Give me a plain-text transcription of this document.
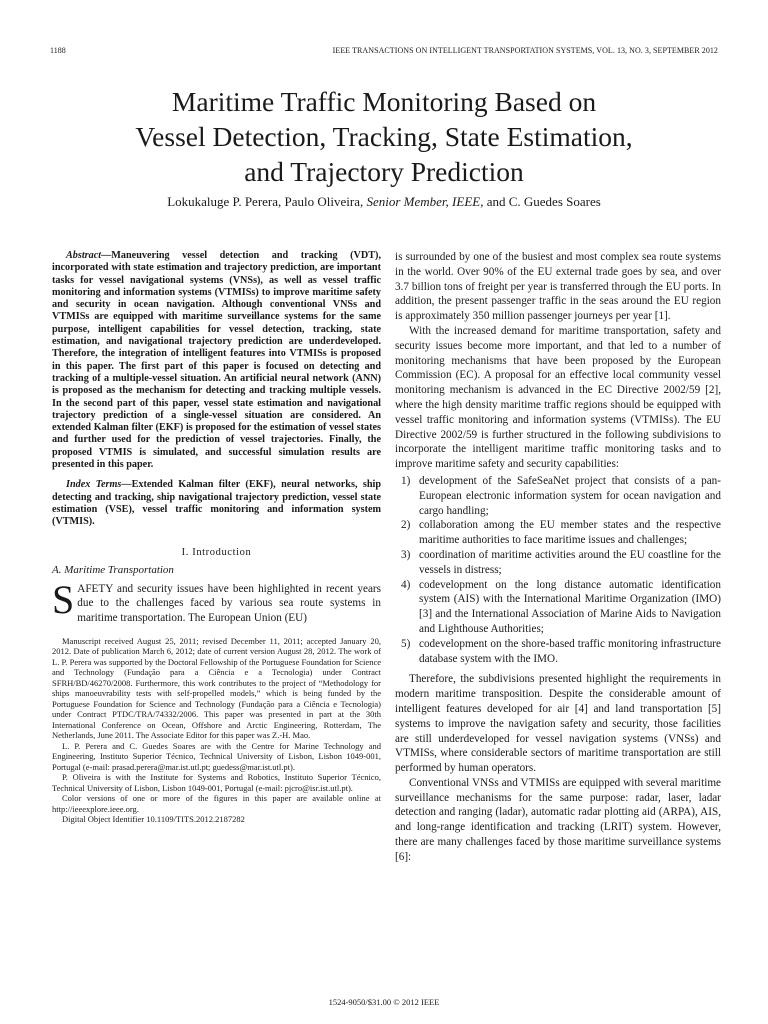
1188	IEEE TRANSACTIONS ON INTELLIGENT TRANSPORTATION SYSTEMS, VOL. 13, NO. 3, SEPTEMBER 2012
Maritime Traffic Monitoring Based on
Vessel Detection, Tracking, State Estimation,
and Trajectory Prediction
Lokukaluge P. Perera, Paulo Oliveira, Senior Member, IEEE, and C. Guedes Soares

Abstract—Maneuvering vessel detection and tracking (VDT), incorporated with state estimation and trajectory prediction, are important tasks for vessel navigational systems (VNSs), as well as vessel traffic monitoring and information systems (VTMISs) to improve maritime safety and security in ocean navigation. Although conventional VNSs and VTMISs are equipped with maritime surveillance systems for the same purpose, intelligent capabilities for vessel detection, tracking, state estimation, and navigational trajectory prediction are underdeveloped. Therefore, the integration of intelligent features into VTMISs is proposed in this paper. The first part of this paper is focused on detecting and tracking of a multiple-vessel situation. An artificial neural network (ANN) is proposed as the mechanism for detecting and tracking multiple vessels. In the second part of this paper, vessel state estimation and navigational trajectory prediction of a single-vessel situation are considered. An extended Kalman filter (EKF) is proposed for the estimation of vessel states and further used for the prediction of vessel trajectories. Finally, the proposed VTMIS is simulated, and successful simulation results are presented in this paper.

Index Terms—Extended Kalman filter (EKF), neural networks, ship detecting and tracking, ship navigational trajectory prediction, vessel state estimation (VSE), vessel traffic monitoring and information system (VTMIS).

I. Introduction
A. Maritime Transportation

SAFETY and security issues have been highlighted in recent years due to the challenges faced by various sea route systems in maritime transportation. The European Union (EU)

Manuscript received August 25, 2011; revised December 11, 2011; accepted January 20, 2012. Date of publication March 6, 2012; date of current version August 28, 2012. The work of L. P. Perera was supported by the Doctoral Fellowship of the Portuguese Foundation for Science and Technology (Fundação para a Ciência e a Tecnologia) under Contract SFRH/BD/46270/2008. Furthermore, this work contributes to the project of “Methodology for ships manoeuvrability tests with self-propelled models,” which is being funded by the Portuguese Foundation for Science and Technology (Fundação para a Ciência e Tecnologia) under Contract PTDC/TRA/74332/2006. This paper was presented in part at the 30th International Conference on Ocean, Offshore and Arctic Engineering, Rotterdam, The Netherlands, June 2011. The Associate Editor for this paper was Z.-H. Mao.

L. P. Perera and C. Guedes Soares are with the Centre for Marine Technology and Engineering, Instituto Superior Técnico, Technical University of Lisbon, Lisbon 1049-001, Portugal (e-mail: prasad.perera@mar.ist.utl.pt; guedess@mar.ist.utl.pt).

P. Oliveira is with the Institute for Systems and Robotics, Instituto Superior Técnico, Technical University of Lisbon, Lisbon 1049-001, Portugal (e-mail: pjcro@isr.ist.utl.pt).

Color versions of one or more of the figures in this paper are available online at http://ieeexplore.ieee.org.

Digital Object Identifier 10.1109/TITS.2012.2187282

is surrounded by one of the busiest and most complex sea route systems in the world. Over 90% of the EU external trade goes by sea, and over 3.7 billion tons of freight per year is transferred through the EU ports. In addition, the present passenger traffic in the seas around the EU region is approximately 350 million passenger journeys per year [1].

With the increased demand for maritime transportation, safety and security issues become more important, and that led to a number of monitoring mechanisms that have been proposed by the European Commission (EC). A proposal for an effective local community vessel monitoring mechanism is advanced in the EC Directive 2002/59 [2], where the high density maritime traffic regions should be equipped with vessel traffic monitoring and information systems (VTMISs). The EU Directive 2002/59 is further structured in the following subdivisions to incorporate the intelligent maritime traffic monitoring tasks and to improve maritime safety and security capabilities:

1) development of the SafeSeaNet project that consists of a pan-European electronic information system for ocean navigation and cargo handling;
2) collaboration among the EU member states and the respective maritime authorities to face maritime issues and challenges;
3) coordination of maritime activities around the EU coastline for the vessels in distress;
4) codevelopment on the long distance automatic identification system (AIS) with the International Maritime Organization (IMO) [3] and the International Association of Marine Aids to Navigation and Lighthouse Authorities;
5) codevelopment on the shore-based traffic monitoring infrastructure database system with the IMO.

Therefore, the subdivisions presented highlight the requirements in modern maritime transposition. Despite the considerable amount of intelligent features developed for air [4] and land transportation [5] systems to improve the navigation safety and security, those facilities are still underdeveloped for vessel navigation systems (VNSs) and VTMISs, where considerable sectors of maritime transportation are still performed by human operators.

Conventional VNSs and VTMISs are equipped with several maritime surveillance mechanisms for the same purpose: radar, laser, ladar detection and ranging (ladar), automatic radar plotting aid (ARPA), AIS, and long-range identification and tracking (LRIT) system. However, there are many challenges faced by those maritime surveillance systems [6]:

1524-9050/$31.00 © 2012 IEEE
